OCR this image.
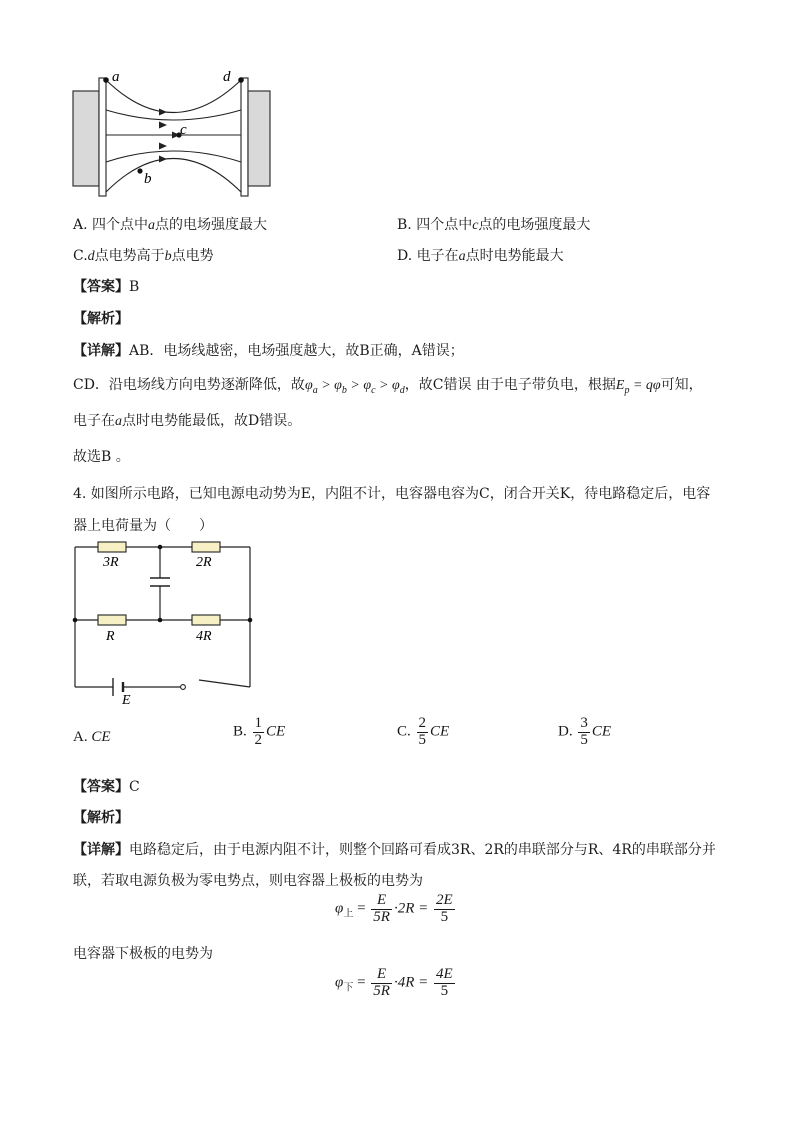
a	d
c
b
A. 四个点中a点的电场强度最大	B. 四个点中c点的电场强度最大
C.d点电势高于b点电势	D. 电子在a点时电势能最大
【答案】B
【解析】
【详解】AB．电场线越密，电场强度越大，故B正确，A错误；
CD．沿电场线方向电势逐渐降低，故$\varphi_a > \varphi_b > \varphi_c > \varphi_d$，故C错误 由于电子带负电，根据$E_p = q\varphi$可知，
电子在a点时电势能最低，故D错误。
故选B 。
4. 如图所示电路，已知电源电动势为E，内阻不计，电容器电容为C，闭合开关K，待电路稳定后，电容
器上电荷量为（　　）
3R	2R
R	4R
E
A. CE	B. $\frac{1}{2}$ CE	C. $\frac{2}{5}$ CE	D. $\frac{3}{5}$ CE
【答案】C
【解析】
【详解】电路稳定后，由于电源内阻不计，则整个回路可看成3R、2R的串联部分与R、4R的串联部分并
联，若取电源负极为零电势点，则电容器上极板的电势为
$\varphi_上 = \frac{E}{5R} \cdot 2R = \frac{2E}{5}$
电容器下极板的电势为
$\varphi_下 = \frac{E}{5R} \cdot 4R = \frac{4E}{5}$
